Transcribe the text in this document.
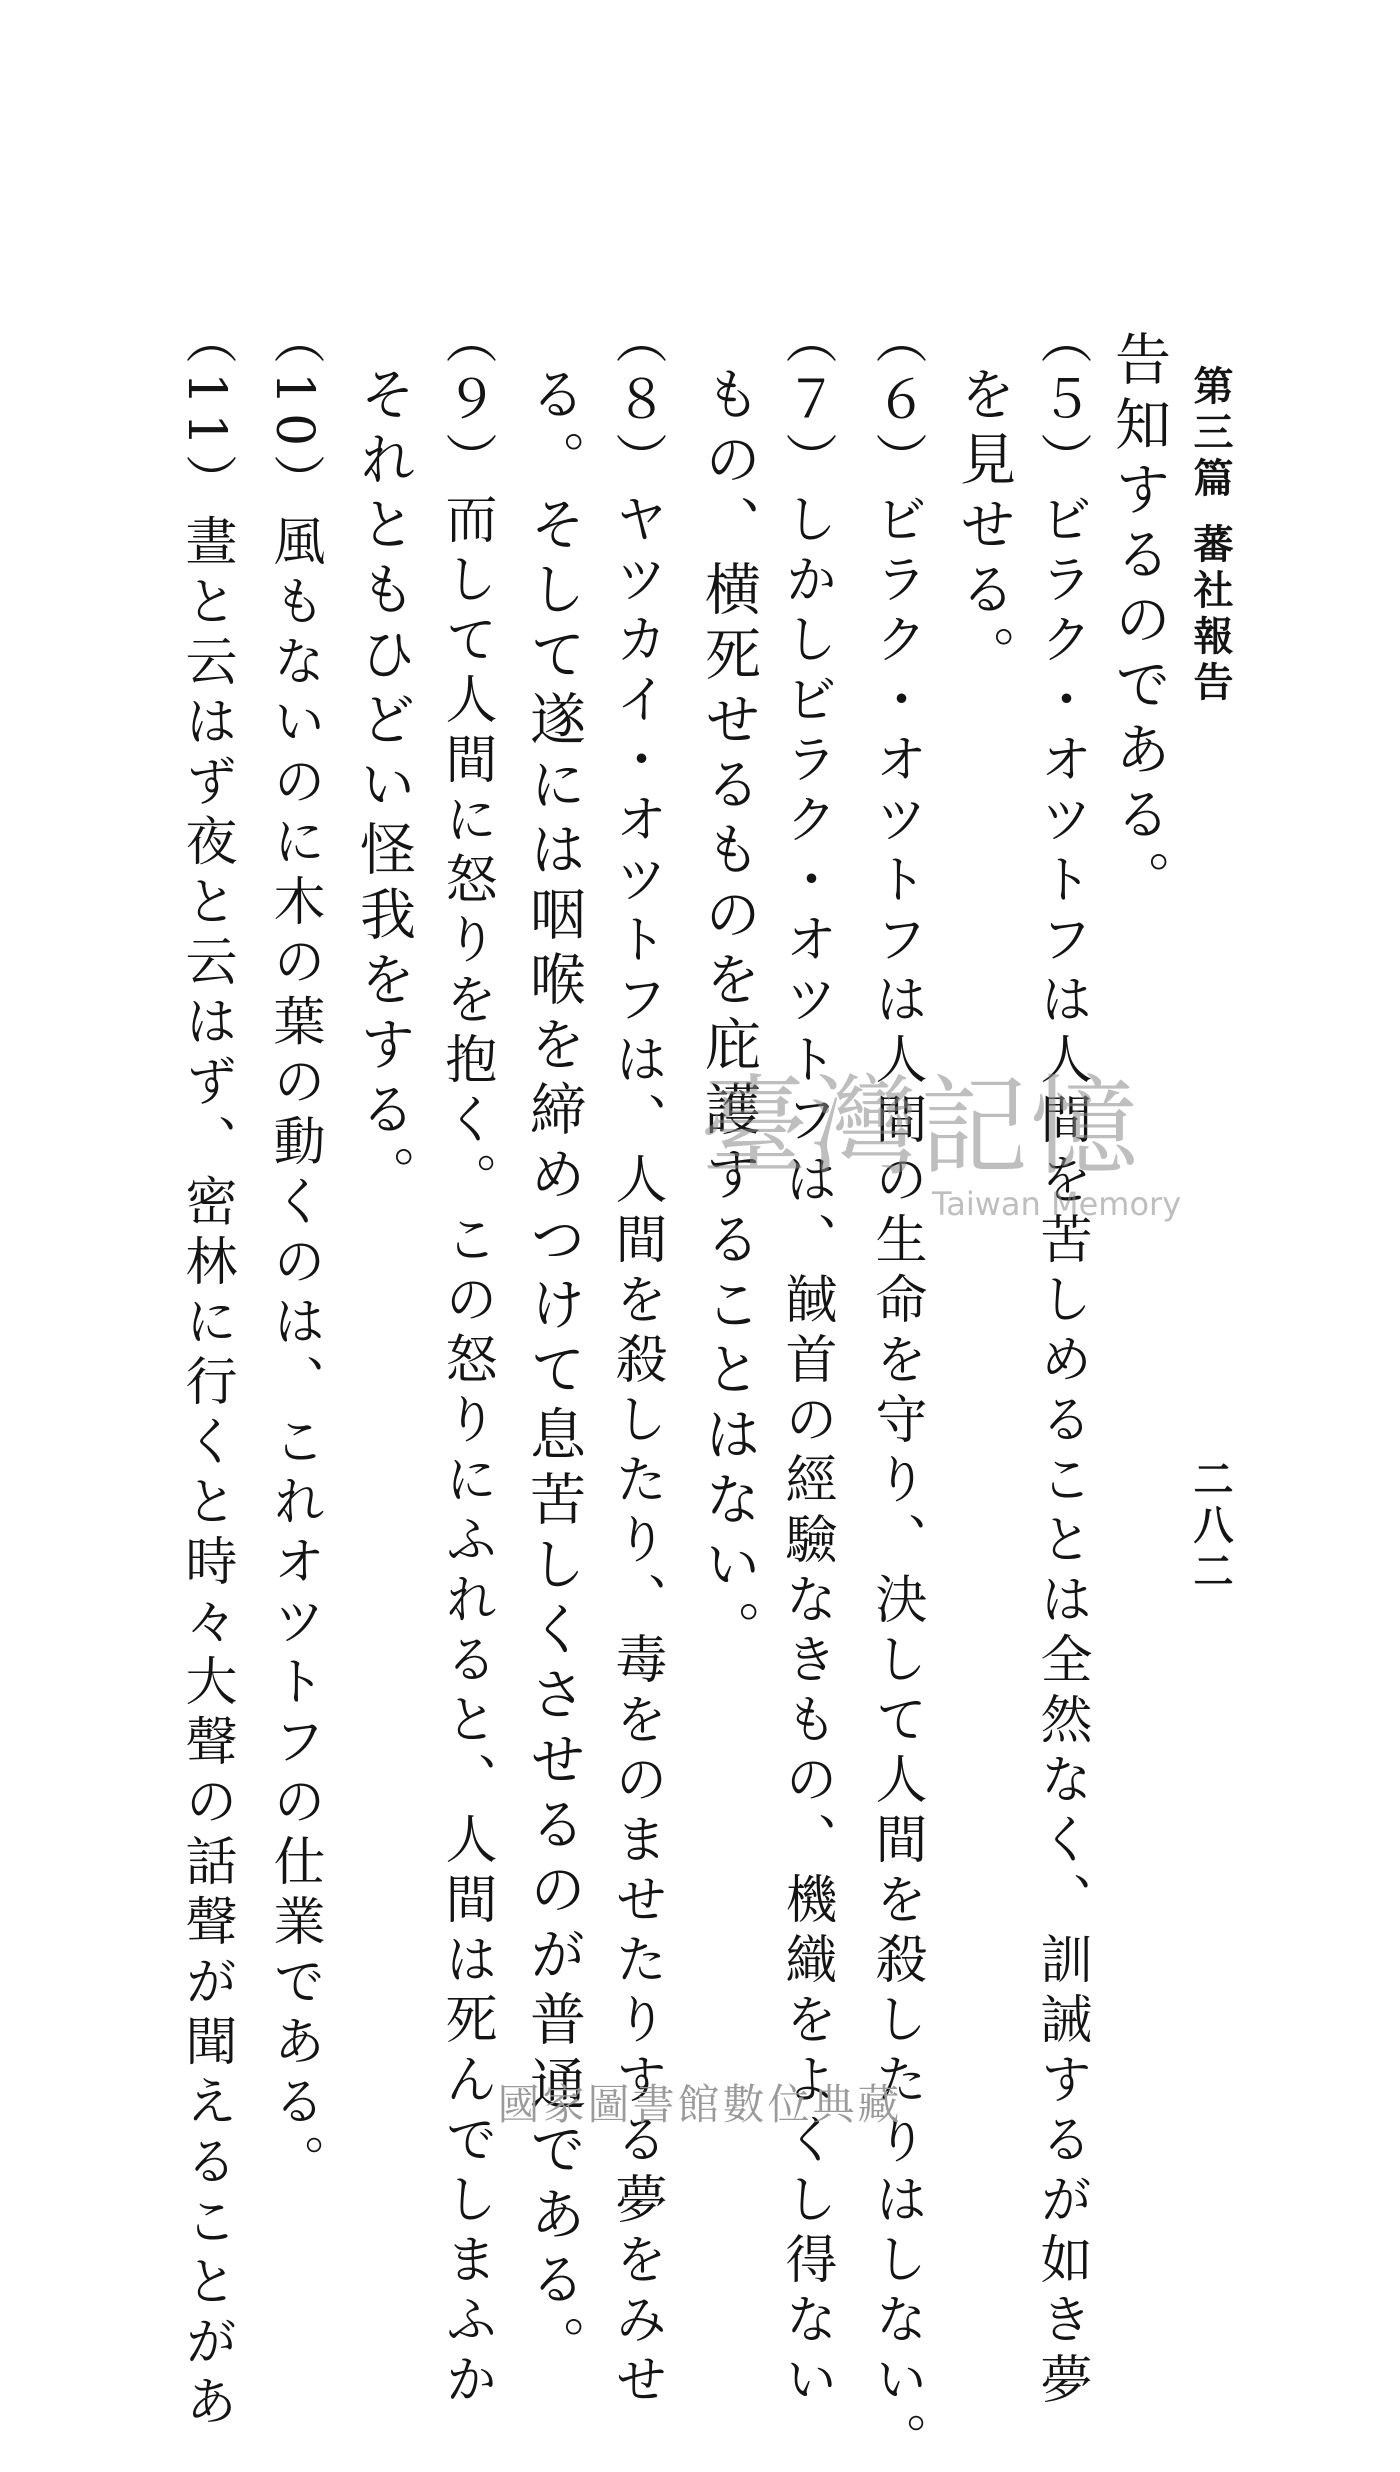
第三篇 蕃社報告
二八二
告知するのである。
（５）ビラク・オツトフは人間を苦しめることは全然なく、訓誡するが如き夢
を見せる。
（６）ビラク・オツトフは人間の生命を守り、決して人間を殺したりはしない。
（７）しかしビラク・オツトフは、馘首の經驗なきもの、機織をよくし得ない
もの、横死せるものを庇護することはない。
（８）ヤツカイ・オツトフは、人間を殺したり、毒をのませたりする夢をみせ
る。そして遂には咽喉を締めつけて息苦しくさせるのが普通である。
（９）而して人間に怒りを抱く。この怒りにふれると、人間は死んでしまふか
それともひどい怪我をする。
（10）風もないのに木の葉の動くのは、これオツトフの仕業である。
（11）晝と云はず夜と云はず、密林に行くと時々大聲の話聲が聞えることがあ	臺灣記憶
Taiwan Memory
國家圖書館數位典藏
